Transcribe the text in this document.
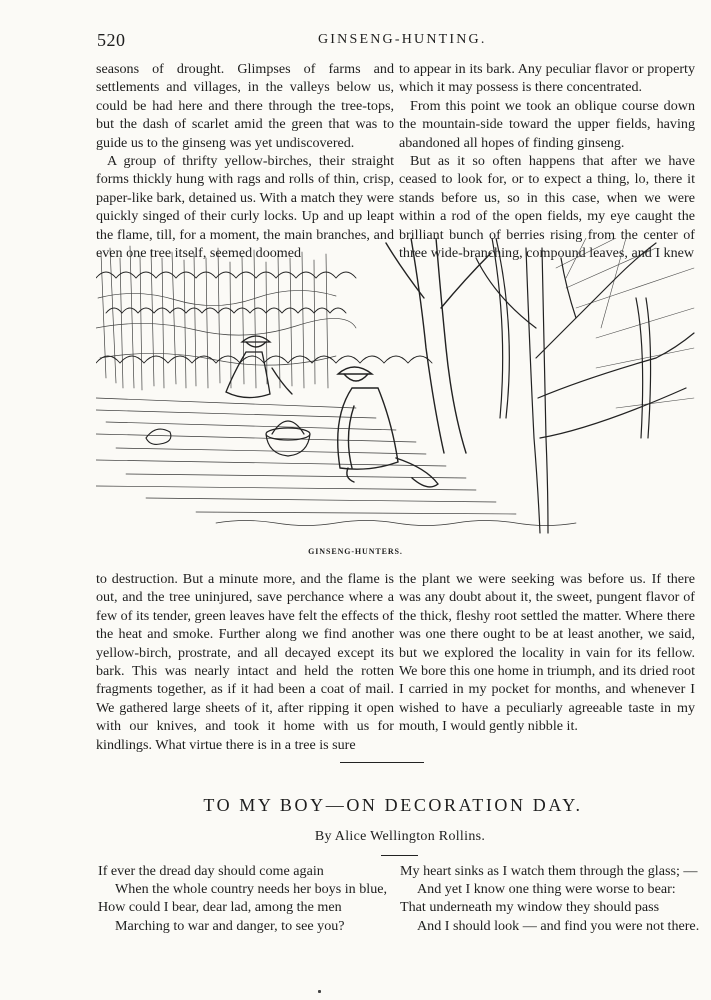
520	GINSENG-HUNTING.

seasons of drought. Glimpses of farms and settlements and villages, in the valleys below us, could be had here and there through the tree-tops, but the dash of scarlet amid the green that was to guide us to the ginseng was yet undiscovered.

A group of thrifty yellow-birches, their straight forms thickly hung with rags and rolls of thin, crisp, paper-like bark, detained us. With a match they were quickly singed of their curly locks. Up and up leapt the flame, till, for a moment, the main branches, and even one tree itself, seemed doomed

to appear in its bark. Any peculiar flavor or property which it may possess is there concentrated.

From this point we took an oblique course down the mountain-side toward the upper fields, having abandoned all hopes of finding ginseng.

But as it so often happens that after we have ceased to look for, or to expect a thing, lo, there it stands before us, so in this case, when we were within a rod of the open fields, my eye caught the brilliant bunch of berries rising from the center of three wide-branching, compound leaves, and I knew

GINSENG-HUNTERS.

to destruction. But a minute more, and the flame is out, and the tree uninjured, save perchance where a few of its tender, green leaves have felt the effects of the heat and smoke. Further along we find another yellow-birch, prostrate, and all decayed except its bark. This was nearly intact and held the rotten fragments together, as if it had been a coat of mail. We gathered large sheets of it, after ripping it open with our knives, and took it home with us for kindlings. What virtue there is in a tree is sure

the plant we were seeking was before us. If there was any doubt about it, the sweet, pungent flavor of the thick, fleshy root settled the matter. Where there was one there ought to be at least another, we said, but we explored the locality in vain for its fellow. We bore this one home in triumph, and its dried root I carried in my pocket for months, and whenever I wished to have a peculiarly agreeable taste in my mouth, I would gently nibble it.

TO MY BOY—ON DECORATION DAY.
By Alice Wellington Rollins.
If ever the dread day should come again
When the whole country needs her boys in blue,
How could I bear, dear lad, among the men
Marching to war and danger, to see you?
My heart sinks as I watch them through the glass; —
And yet I know one thing were worse to bear:
That underneath my window they should pass
And I should look — and find you were not there.
